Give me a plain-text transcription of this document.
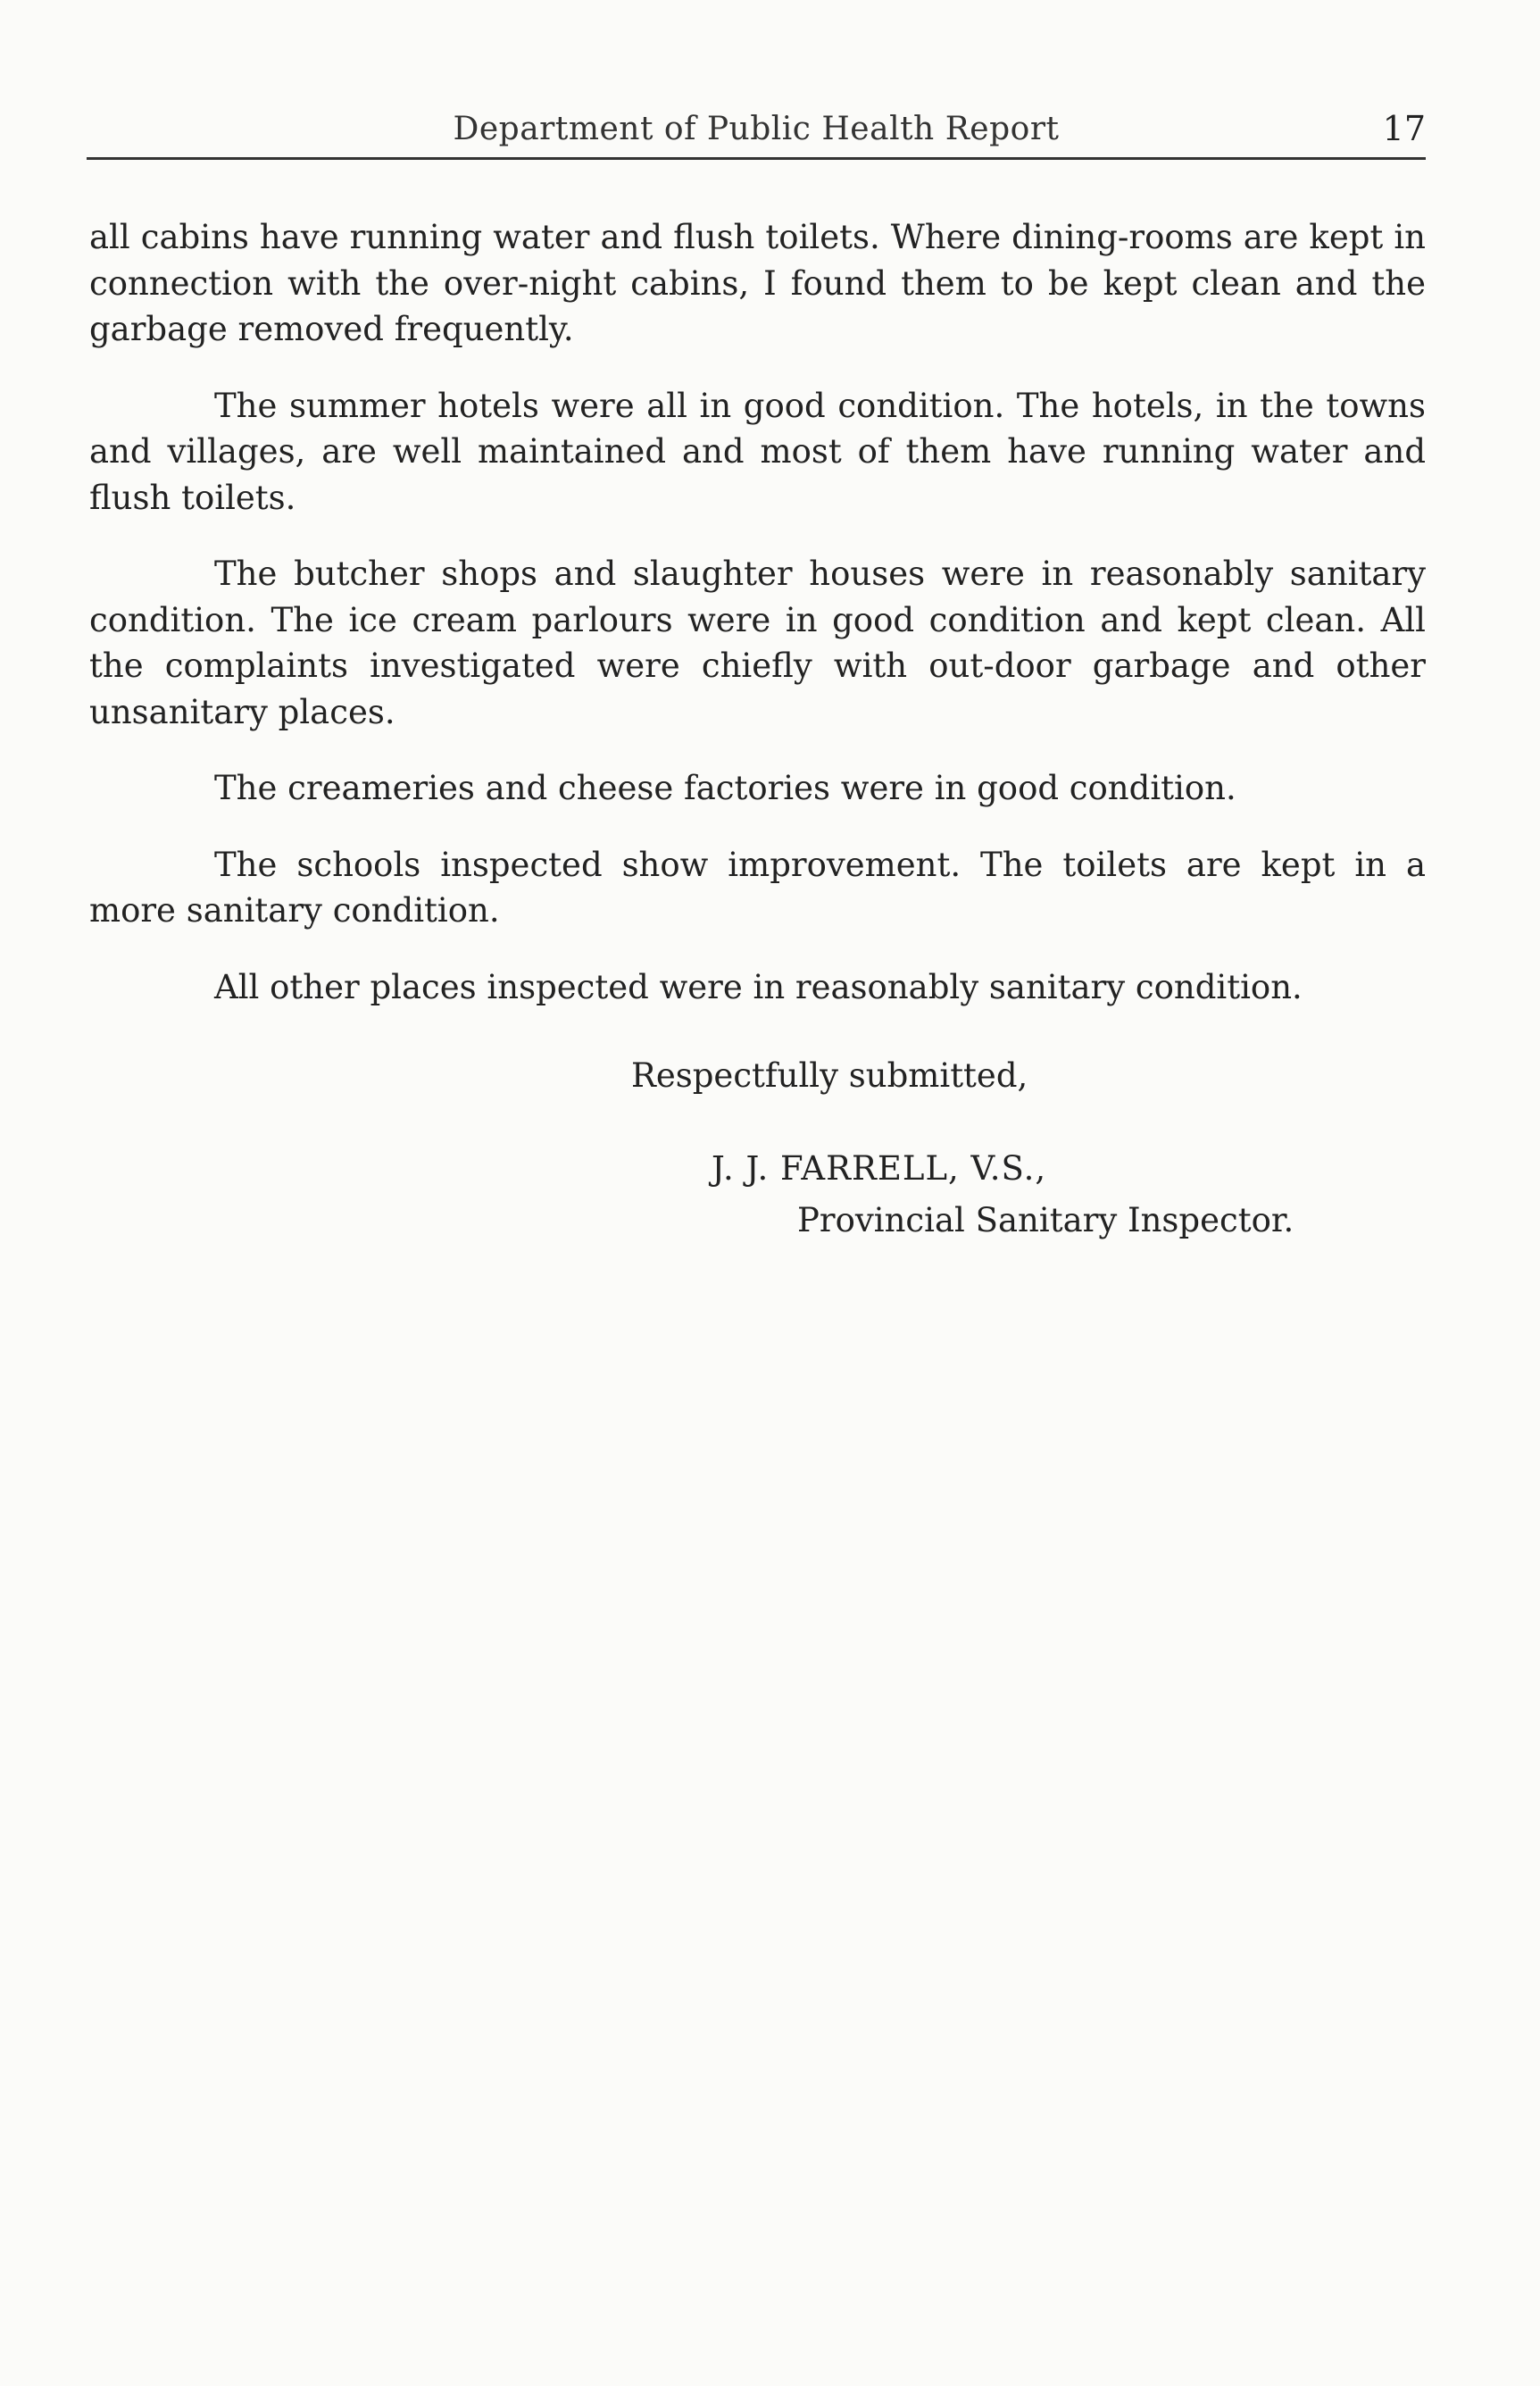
Department of Public Health Report	17

all cabins have running water and flush toilets. Where dining-rooms are kept in connection with the over-night cabins, I found them to be kept clean and the garbage removed frequently.

The summer hotels were all in good condition. The hotels, in the towns and villages, are well maintained and most of them have running water and flush toilets.

The butcher shops and slaughter houses were in reasonably sanitary condition. The ice cream parlours were in good condition and kept clean. All the complaints investigated were chiefly with out-door garbage and other unsanitary places.

The creameries and cheese factories were in good condition.

The schools inspected show improvement. The toilets are kept in a more sanitary condition.

All other places inspected were in reasonably sanitary condition.

Respectfully submitted,
J. J. FARRELL, V.S.,
Provincial Sanitary Inspector.
